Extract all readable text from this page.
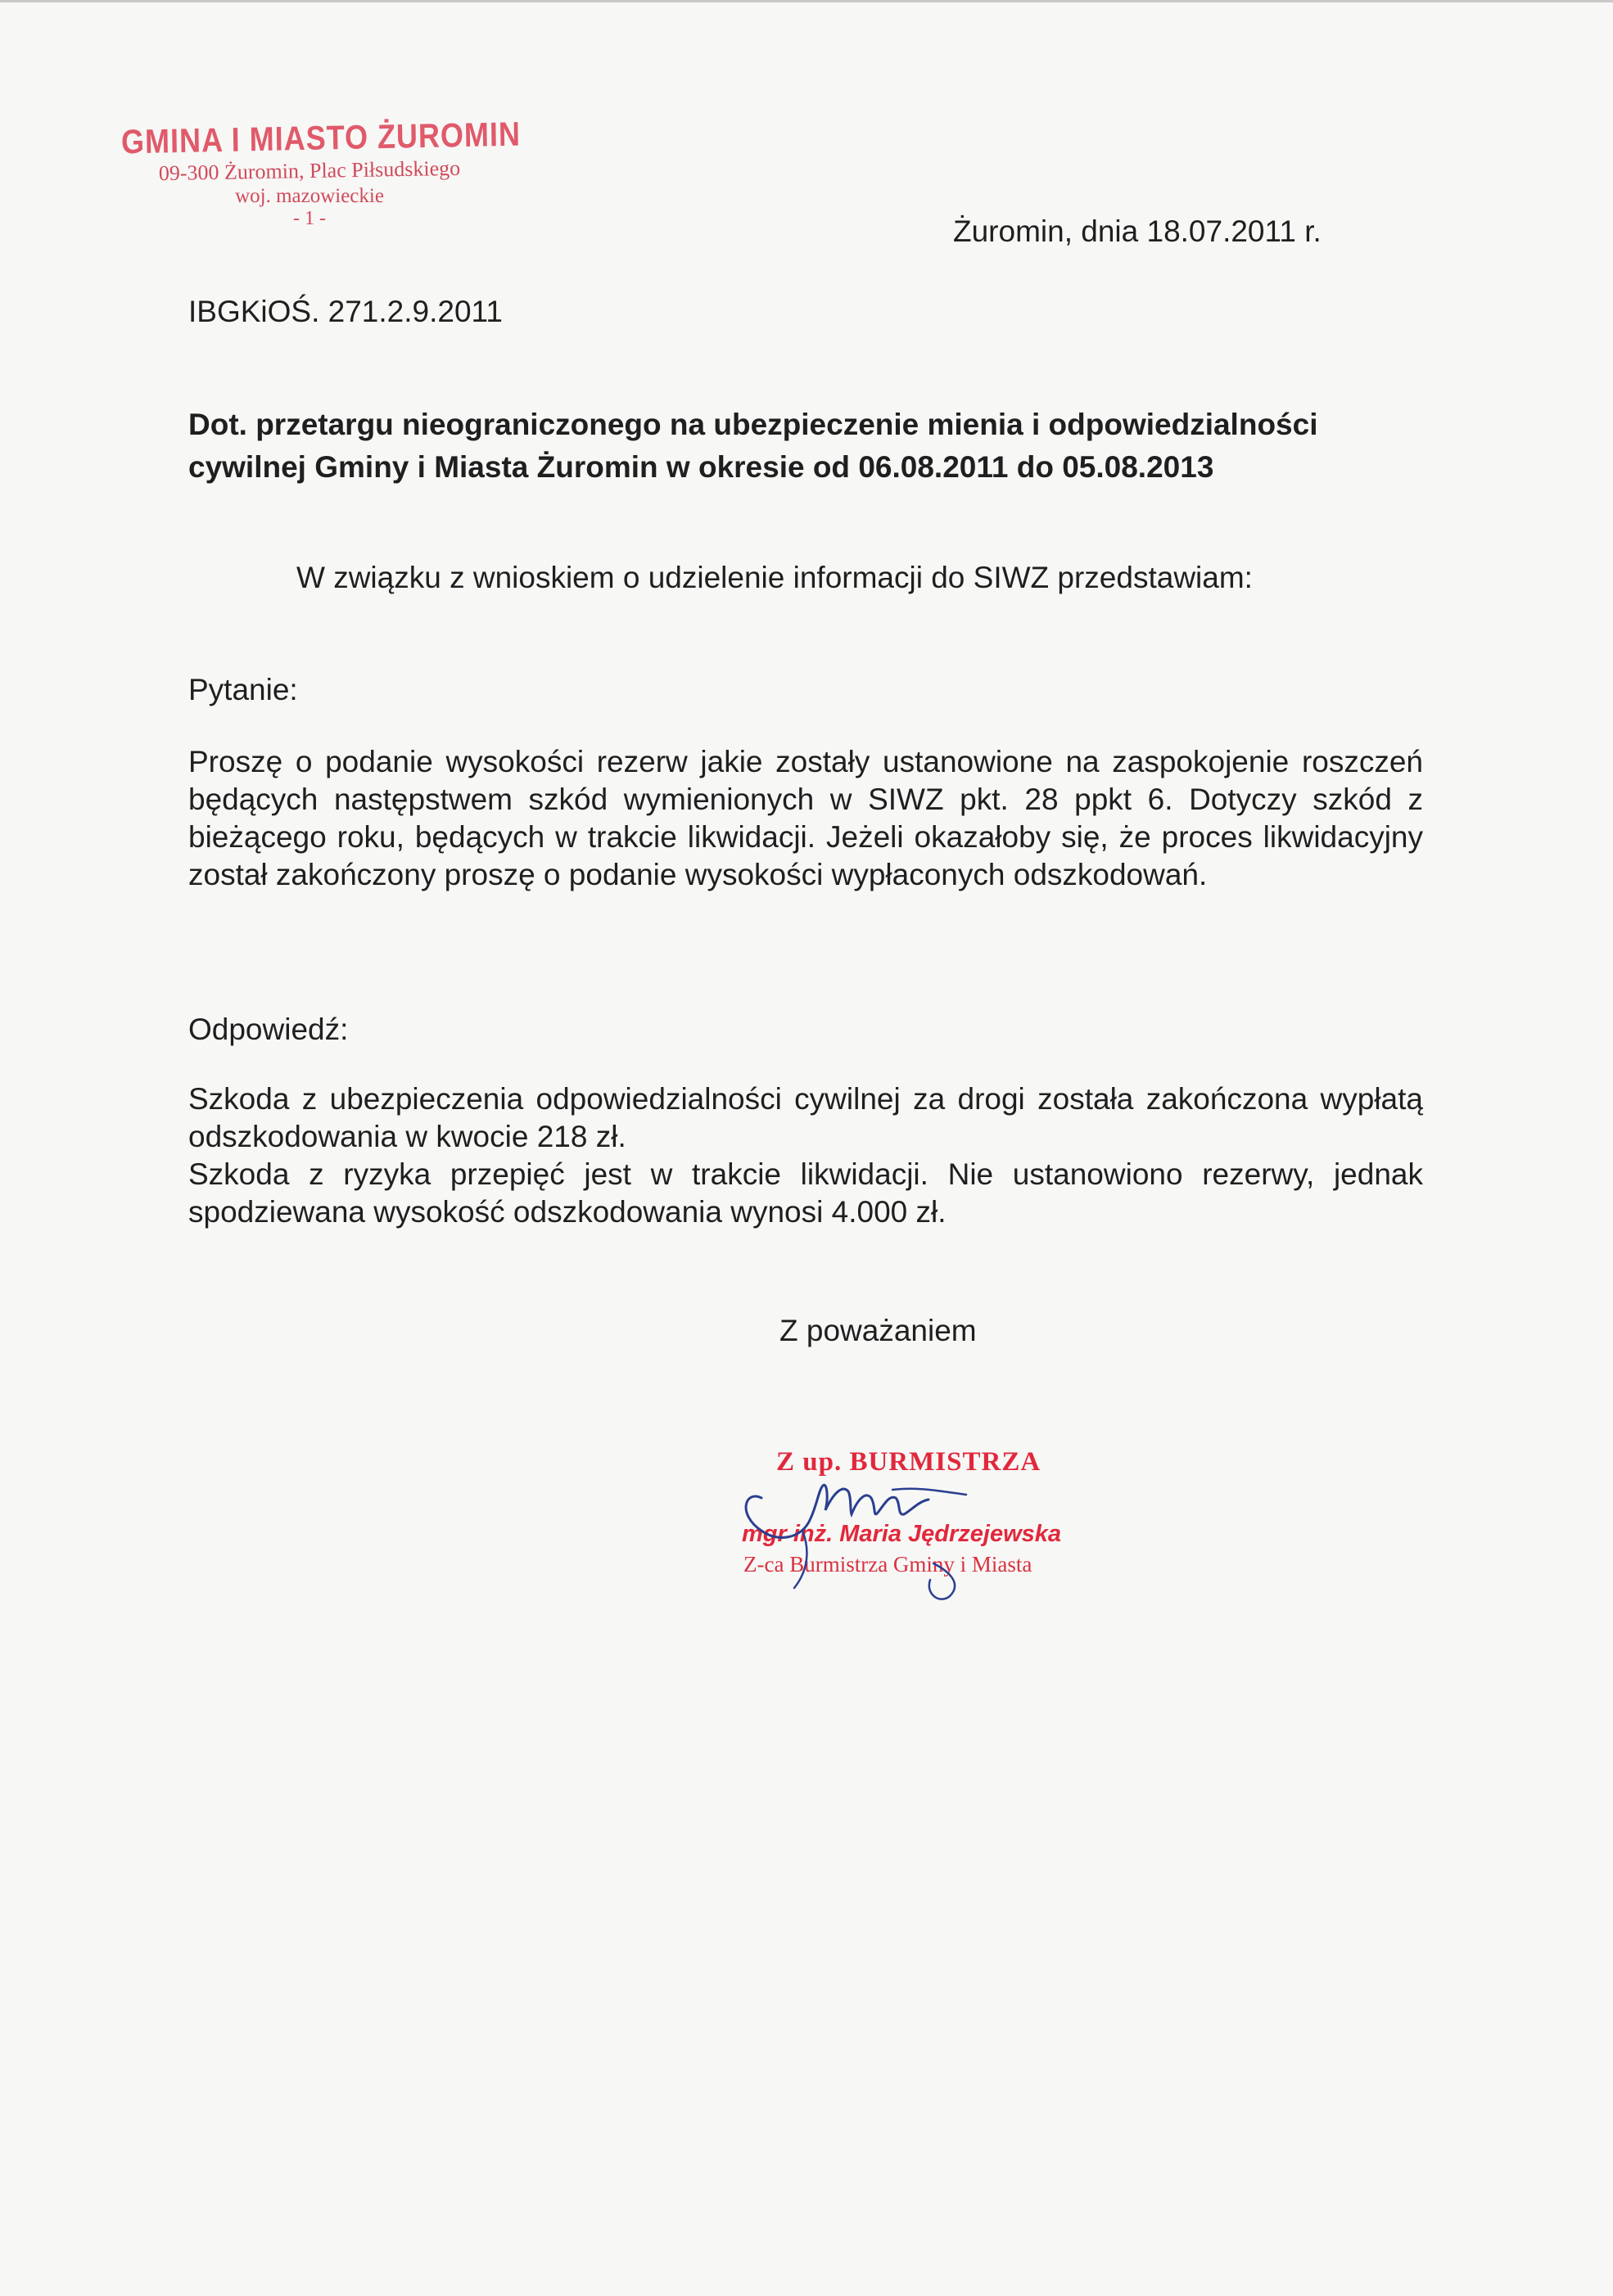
GMINA I MIASTO ŻUROMIN
09-300 Żuromin, Plac Piłsudskiego
woj. mazowieckie
- 1 -	Żuromin, dnia 18.07.2011 r.
IBGKiOŚ. 271.2.9.2011
Dot. przetargu nieograniczonego na ubezpieczenie mienia i odpowiedzialności cywilnej Gminy i Miasta Żuromin w okresie od 06.08.2011 do 05.08.2013
W związku z wnioskiem o udzielenie informacji do SIWZ przedstawiam:
Pytanie:

Proszę o podanie wysokości rezerw jakie zostały ustanowione na zaspokojenie roszczeń będących następstwem szkód wymienionych w SIWZ pkt. 28 ppkt 6. Dotyczy szkód z bieżącego roku, będących w trakcie likwidacji. Jeżeli okazałoby się, że proces likwidacyjny został zakończony proszę o podanie wysokości wypłaconych odszkodowań.

Odpowiedź:

Szkoda z ubezpieczenia odpowiedzialności cywilnej za drogi została zakończona wypłatą odszkodowania w kwocie 218 zł.

Szkoda z ryzyka przepięć jest w trakcie likwidacji. Nie ustanowiono rezerwy, jednak spodziewana wysokość odszkodowania wynosi 4.000 zł.

Z poważaniem
Z up. BURMISTRZA
mgr inż. Maria Jędrzejewska
Z-ca Burmistrza Gminy i Miasta
